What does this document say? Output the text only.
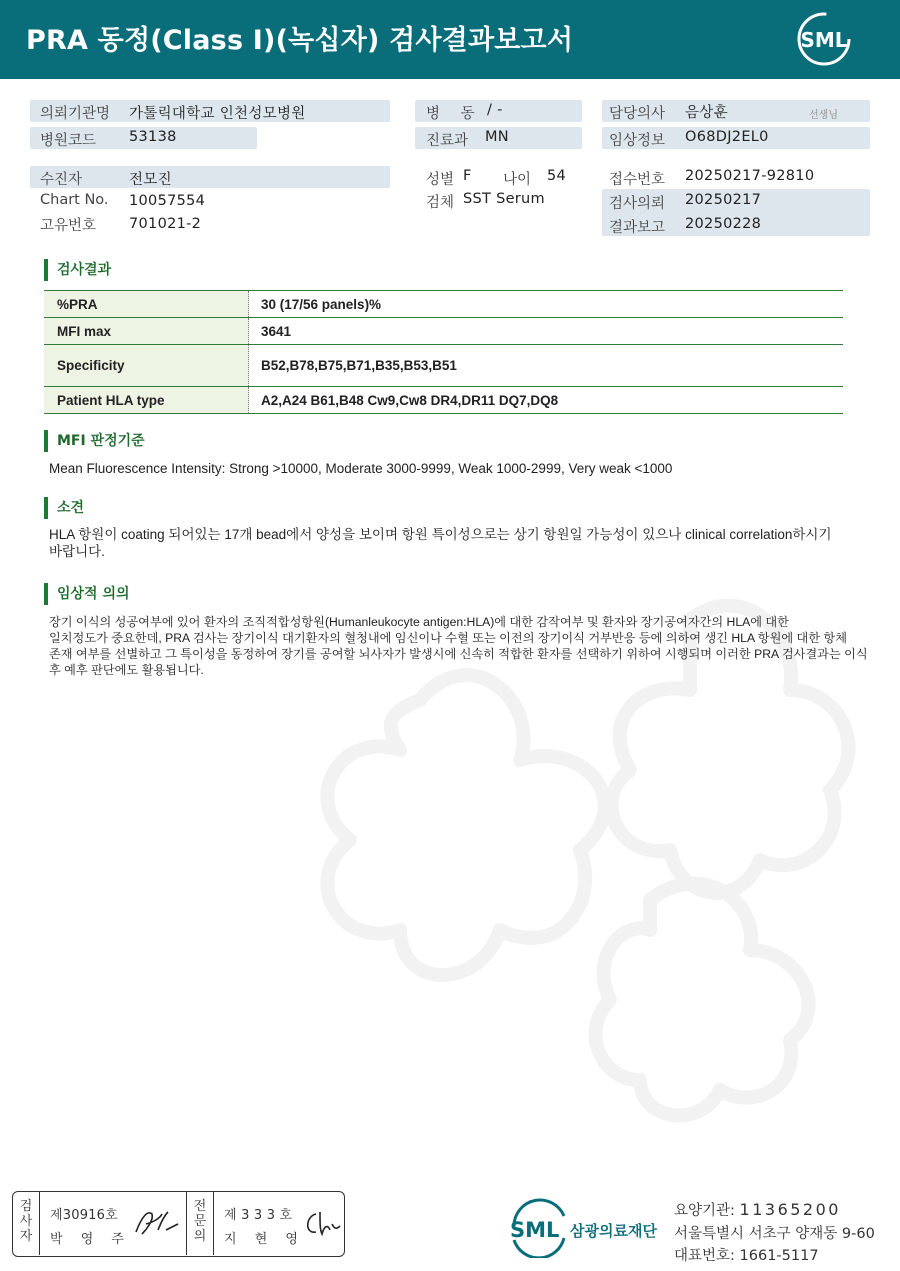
PRA 동정(Class I)(녹십자) 검사결과보고서	SML
의뢰기관명 가톨릭대학교 인천성모병원
병원코드 53138
수진자	전모진
Chart No. 10057554
고유번호 701021-2
병 동 / -
진료과 MN
성별 F 나이 54
검체 SST Serum
담당의사 음상훈	선생님
임상정보 O68DJ2EL0
접수번호 20250217-92810
검사의뢰 20250217
결과보고 20250228
검사결과
%PRA	30 (17/56 panels)%
MFI max	3641
Specificity	B52,B78,B75,B71,B35,B53,B51
Patient HLA type	A2,A24 B61,B48 Cw9,Cw8 DR4,DR11 DQ7,DQ8
MFI 판정기준
Mean Fluorescence Intensity: Strong >10000, Moderate 3000-9999, Weak 1000-2999, Very weak <1000
소견
HLA 항원이 coating 되어있는 17개 bead에서 양성을 보이며 항원 특이성으로는 상기 항원일 가능성이 있으나 clinical correlation하시기
바랍니다.
임상적 의의
장기 이식의 성공여부에 있어 환자의 조직적합성항원(Humanleukocyte antigen:HLA)에 대한 감작여부 및 환자와 장기공여자간의 HLA에 대한
일치정도가 중요한데, PRA 검사는 장기이식 대기환자의 혈청내에 임신이나 수혈 또는 이전의 장기이식 거부반응 등에 의하여 생긴 HLA 항원에 대한 항체
존재 여부를 선별하고 그 특이성을 동정하여 장기를 공여할 뇌사자가 발생시에 신속히 적합한 환자를 선택하기 위하여 시행되며 이러한 PRA 검사결과는 이식
후 예후 판단에도 활용됩니다.
검
사
자
제30916호
박 영 주
전
문
의
제 3 3 3 호
지 현 영	SML 삼광의료재단
요양기관: 11365200
서울특별시 서초구 양재동 9-60
대표번호: 1661-5117
